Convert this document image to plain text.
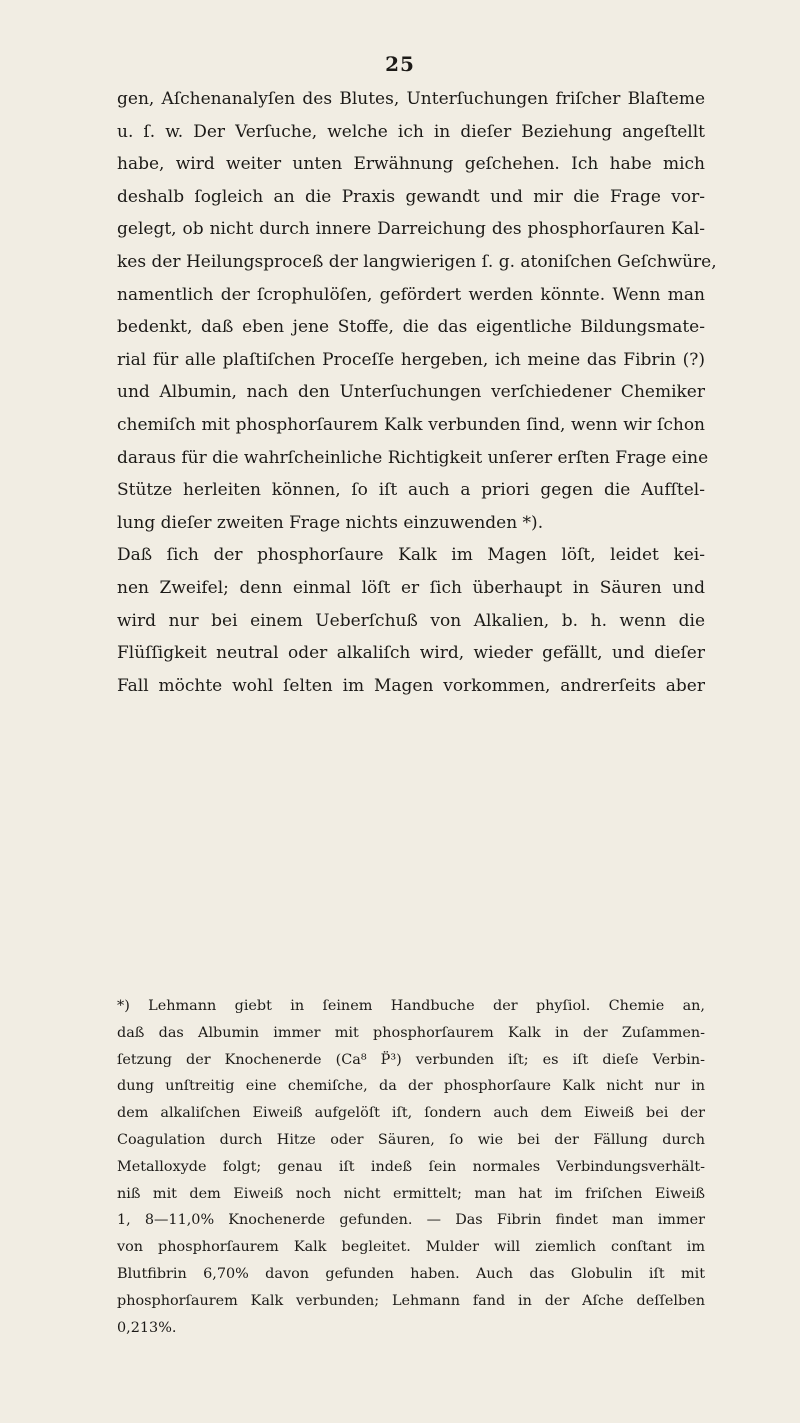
25
gen, Aſchenanalyſen des Blutes, Unterſuchungen friſcher Blaſteme
u. ſ. w. Der Verſuche, welche ich in dieſer Beziehung angeſtellt
habe, wird weiter unten Erwähnung geſchehen. Ich habe mich
deshalb ſogleich an die Praxis gewandt und mir die Frage vor-
gelegt, ob nicht durch innere Darreichung des phosphorſauren Kal-
kes der Heilungsproceß der langwierigen ſ. g. atoniſchen Geſchwüre,
namentlich der ſcrophulöſen, gefördert werden könnte. Wenn man
bedenkt, daß eben jene Stoffe, die das eigentliche Bildungsmate-
rial für alle plaſtiſchen Proceſſe hergeben, ich meine das Fibrin (?)
und Albumin, nach den Unterſuchungen verſchiedener Chemiker
chemiſch mit phosphorſaurem Kalk verbunden ſind, wenn wir ſchon
daraus für die wahrſcheinliche Richtigkeit unſerer erſten Frage eine
Stütze herleiten können, ſo iſt auch a priori gegen die Aufſtel-
lung dieſer zweiten Frage nichts einzuwenden *).
Daß ſich der phosphorſaure Kalk im Magen löſt, leidet kei-
nen Zweifel; denn einmal löſt er ſich überhaupt in Säuren und
wird nur bei einem Ueberſchuß von Alkalien, b. h. wenn die
Flüſſigkeit neutral oder alkaliſch wird, wieder gefällt, und dieſer
Fall möchte wohl ſelten im Magen vorkommen, andrerſeits aber
*) Lehmann giebt in ſeinem Handbuche der phyſiol. Chemie an,
daß das Albumin immer mit phosphorſaurem Kalk in der Zuſammen-
ſetzung der Knochenerde (Ca⁸ P̈³) verbunden iſt; es iſt dieſe Verbin-
dung unſtreitig eine chemiſche, da der phosphorſaure Kalk nicht nur in
dem alkaliſchen Eiweiß aufgelöſt iſt, ſondern auch dem Eiweiß bei der
Coagulation durch Hitze oder Säuren, ſo wie bei der Fällung durch
Metalloxyde folgt; genau iſt indeß ſein normales Verbindungsverhält-
niß mit dem Eiweiß noch nicht ermittelt; man hat im friſchen Eiweiß
1, 8—11,0% Knochenerde gefunden. — Das Fibrin findet man immer
von phosphorſaurem Kalk begleitet. Mulder will ziemlich conſtant im
Blutfibrin 6,70% davon gefunden haben. Auch das Globulin iſt mit
phosphorſaurem Kalk verbunden; Lehmann fand in der Aſche deſſelben
0,213%.
